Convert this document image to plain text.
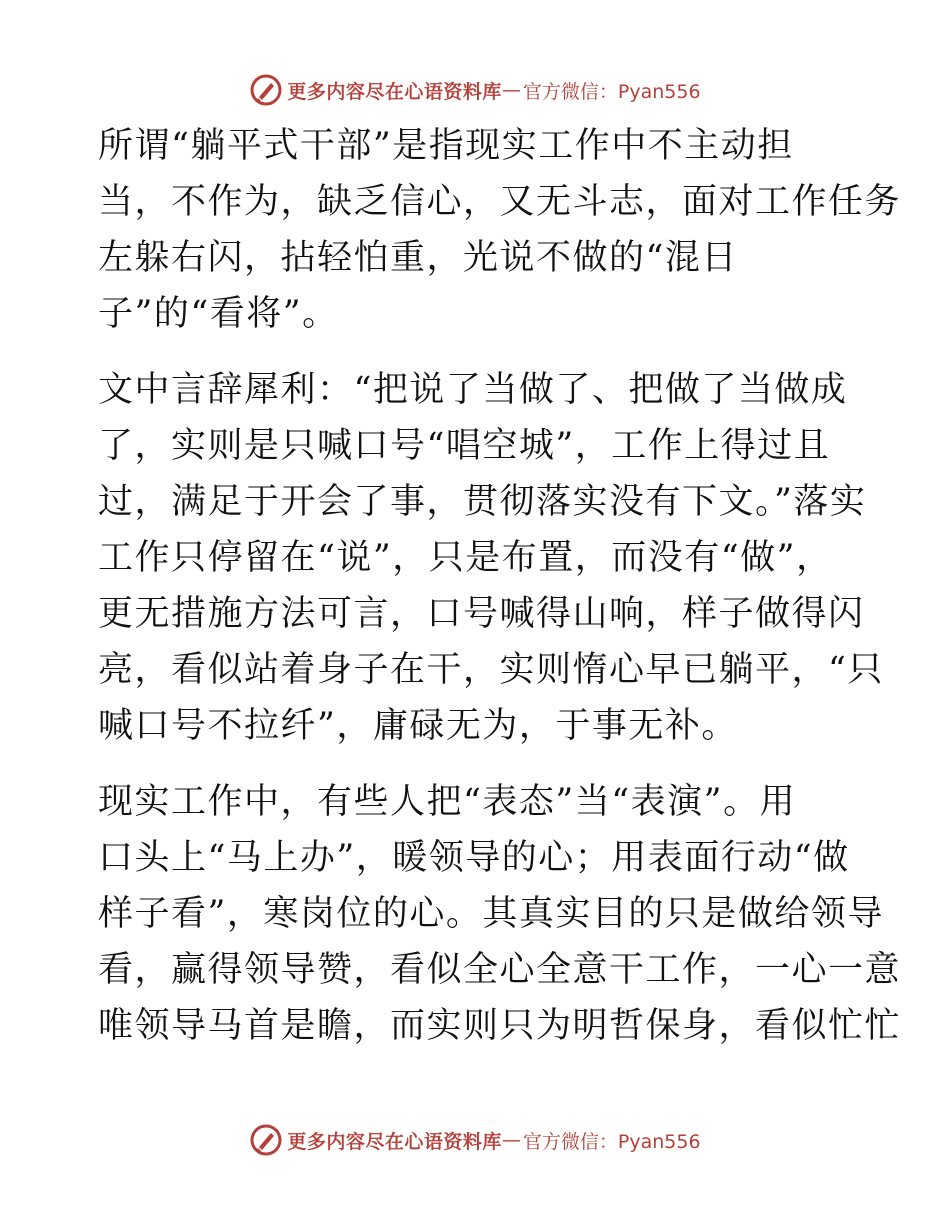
更多内容尽在心语资料库 — 官方微信：Pyan556
所谓“躺平式干部”是指现实工作中不主动担
当，不作为，缺乏信心，又无斗志，面对工作任务
左躲右闪，拈轻怕重，光说不做的“混日
子”的“看将”。
文中言辞犀利：“把说了当做了、把做了当做成
了，实则是只喊口号“唱空城”，工作上得过且
过，满足于开会了事，贯彻落实没有下文。”落实
工作只停留在“说”，只是布置，而没有“做”，
更无措施方法可言，口号喊得山响，样子做得闪
亮，看似站着身子在干，实则惰心早已躺平，“只
喊口号不拉纤”，庸碌无为，于事无补。
现实工作中，有些人把“表态”当“表演”。用
口头上“马上办”，暖领导的心；用表面行动“做
样子看”，寒岗位的心。其真实目的只是做给领导
看，赢得领导赞，看似全心全意干工作，一心一意
唯领导马首是瞻，而实则只为明哲保身，看似忙忙
更多内容尽在心语资料库 — 官方微信：Pyan556
